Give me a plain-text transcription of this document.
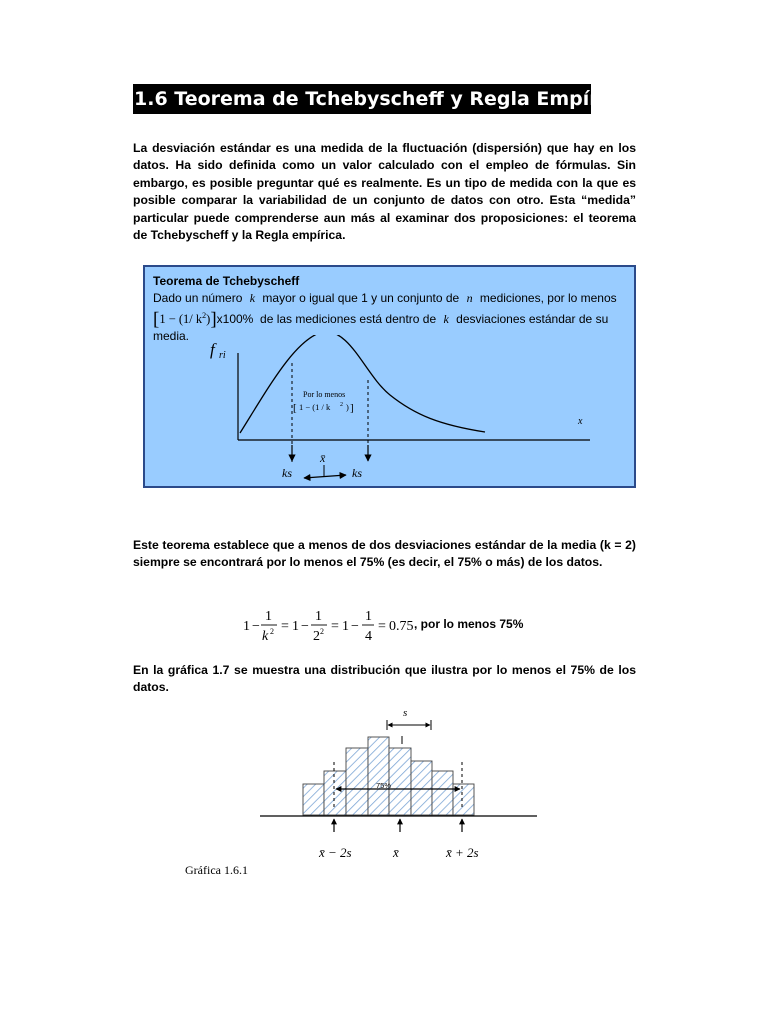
1.6 Teorema de Tchebyscheff y Regla Empírica

La desviación estándar es una medida de la fluctuación (dispersión) que hay en los datos. Ha sido definida como un valor calculado con el empleo de fórmulas. Sin embargo, es posible preguntar qué es realmente. Es un tipo de medida con la que es posible comparar la variabilidad de un conjunto de datos con otro. Esta “medida” particular puede comprenderse aun más al examinar dos proposiciones: el teorema de Tchebyscheff y la Regla empírica.

Teorema de Tchebyscheff
Dado un número k mayor o igual que 1 y un conjunto de n mediciones, por lo menos
[1 − (1/ $k^2)]x100\%$ de las mediciones está dentro de k desviaciones estándar de su
media.
f ri
x
Por lo menos
[ 1 − (1 / k 2 ) ]
x̄
ks	ks

Este teorema establece que a menos de dos desviaciones estándar de la media (k = 2) siempre se encontrará por lo menos el 75% (es decir, el 75% o más) de los datos.

1 −
1
k 2 = 1 −
1
2 2 = 1 −
1
4
= 0.75 , por lo menos 75%

En la gráfica 1.7 se muestra una distribución que ilustra por lo menos el 75% de los datos.

75%
s
x̄ − 2s	x̄	x̄ + 2s
Gráfica 1.6.1
